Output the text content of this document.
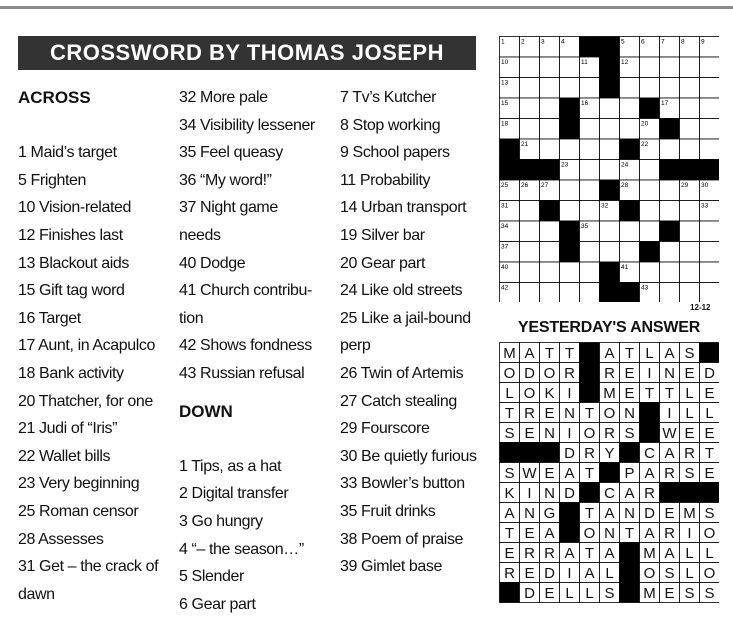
CROSSWORD BY THOMAS JOSEPH
ACROSS
1 Maid’s target
5 Frighten
10 Vision-related
12 Finishes last
13 Blackout aids
15 Gift tag word
16 Target
17 Aunt, in Acapulco
18 Bank activity
20 Thatcher, for one
21 Judi of “Iris”
22 Wallet bills
23 Very beginning
25 Roman censor
28 Assesses
31 Get – the crack of
dawn
32 More pale
34 Visibility lessener
35 Feel queasy
36 “My word!”
37 Night game
needs
40 Dodge
41 Church contribu-
tion
42 Shows fondness
43 Russian refusal
DOWN
1 Tips, as a hat
2 Digital transfer
3 Go hungry
4 “– the season…”
5 Slender
6 Gear part
7 Tv’s Kutcher
8 Stop working
9 School papers
11 Probability
14 Urban transport
19 Silver bar
20 Gear part
24 Like old streets
25 Like a jail-bound
perp
26 Twin of Artemis
27 Catch stealing
29 Fourscore
30 Be quietly furious
33 Bowler’s button
35 Fruit drinks
38 Poem of praise
39 Gimlet base
1	2	3	4	5	6	7	8	9
10	11	12
13	14
15	16	17
18	19	20
21	22
23	24
25 26 27	28	29 30
31	32	33
34	35	36
37	38	39
40	41
42	43
12-12
YESTERDAY'S ANSWER
M A T T A T L A S
O D O R R E I N E D
L O K I M E T T L E
T R E N T O N I L L
S E N I O R S W E E
D R Y C A R T
S W E A T P A R S E
K I N D C A R
A N G T A N D E M S
T E A O N T A R I O
E R R A T A M A L L
R E D I A L O S L O
D E L L S M E S S
